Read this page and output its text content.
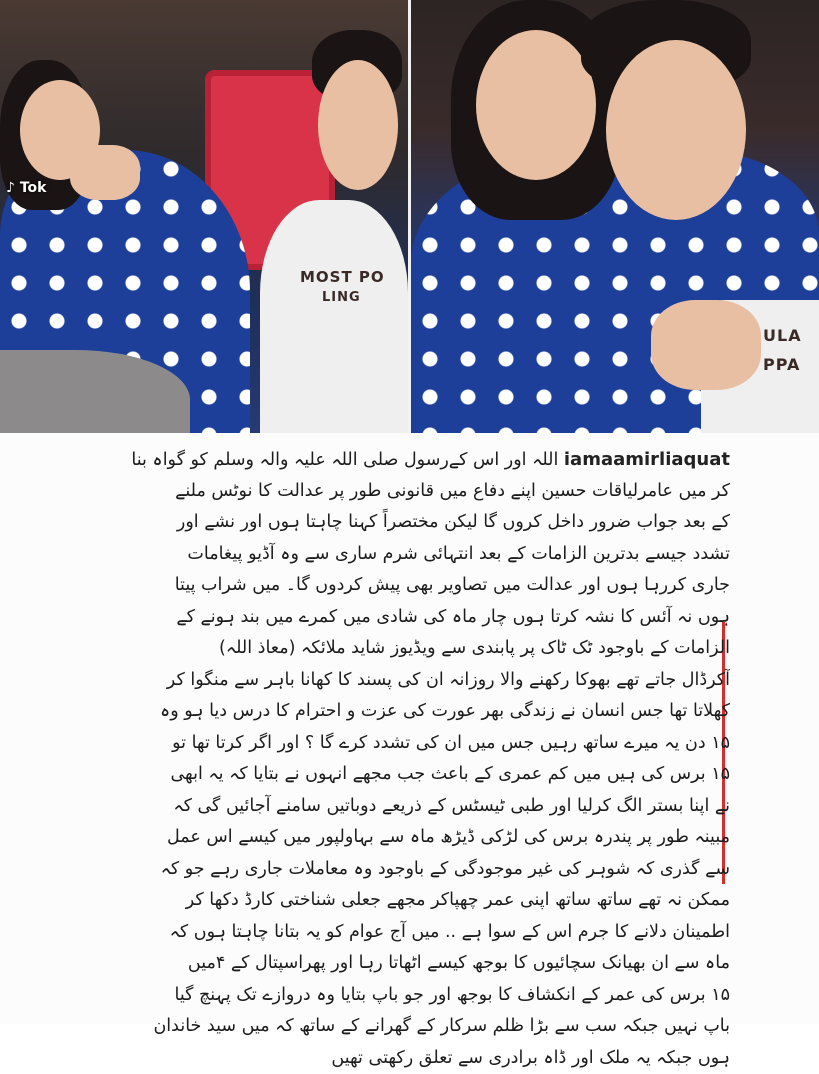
MOST PO
LING
♪ Tok
ULA
PPA
iamaamirliaquat اللہ اور اس کےرسول صلی اللہ علیہ والہ وسلم کو گواہ بنا
کر میں عامرلیاقات حسین اپنے دفاع میں قانونی طور پر عدالت کا نوٹس ملنے
کے بعد جواب ضرور داخل کروں گا لیکن مختصراً کہنا چاہتا ہوں اور نشے اور
تشدد جیسے بدترین الزامات کے بعد انتہائی شرم ساری سے وہ آڈیو پیغامات
جاری کررہا ہوں اور عدالت میں تصاویر بھی پیش کردوں گا۔ میں شراب پیتا
ہوں نہ آئس کا نشہ کرتا ہوں چار ماہ کی شادی میں کمرے میں بند ہونے کے
الزامات کے باوجود ٹک ٹاک پر پابندی سے ویڈیوز شاید ملائکہ (معاذ اللہ)
آکرڈال جاتے تھے بھوکا رکھنے والا روزانہ ان کی پسند کا کھانا باہر سے منگوا کر
کھلاتا تھا جس انسان نے زندگی بھر عورت کی عزت و احترام کا درس دیا ہو وہ
۱۵ دن یہ میرے ساتھ رہیں جس میں ان کی تشدد کرے گا ؟ اور اگر کرتا تھا تو
۱۵ برس کی ہیں میں کم عمری کے باعث جب مجھے انہوں نے بتایا کہ یہ ابھی
نے اپنا بستر الگ کرلیا اور طبی ٹیسٹس کے ذریعے دوباتیں سامنے آجائیں گی کہ
مبینہ طور پر پندرہ برس کی لڑکی ڈیڑھ ماہ سے بہاولپور میں کیسے اس عمل
سے گذری کہ شوہر کی غیر موجودگی کے باوجود وہ معاملات جاری رہے جو کہ
ممکن نہ تھے ساتھ ساتھ اپنی عمر چھپاکر مجھے جعلی شناختی کارڈ دکھا کر
اطمینان دلانے کا جرم اس کے سوا ہے .. میں آج عوام کو یہ بتانا چاہتا ہوں کہ
ماہ سے ان بھیانک سچائیوں کا بوجھ کیسے اٹھاتا رہا اور پھراسپتال کے ۴میں
۱۵ برس کی عمر کے انکشاف کا بوجھ اور جو باپ بتایا وہ دروازے تک پہنچ گیا
باپ نہیں جبکہ سب سے بڑا ظلم سرکار کے گھرانے کے ساتھ کہ میں سید خاندان
ہوں جبکہ یہ ملک اور ڈاہ برادری سے تعلق رکھتی تھیں
